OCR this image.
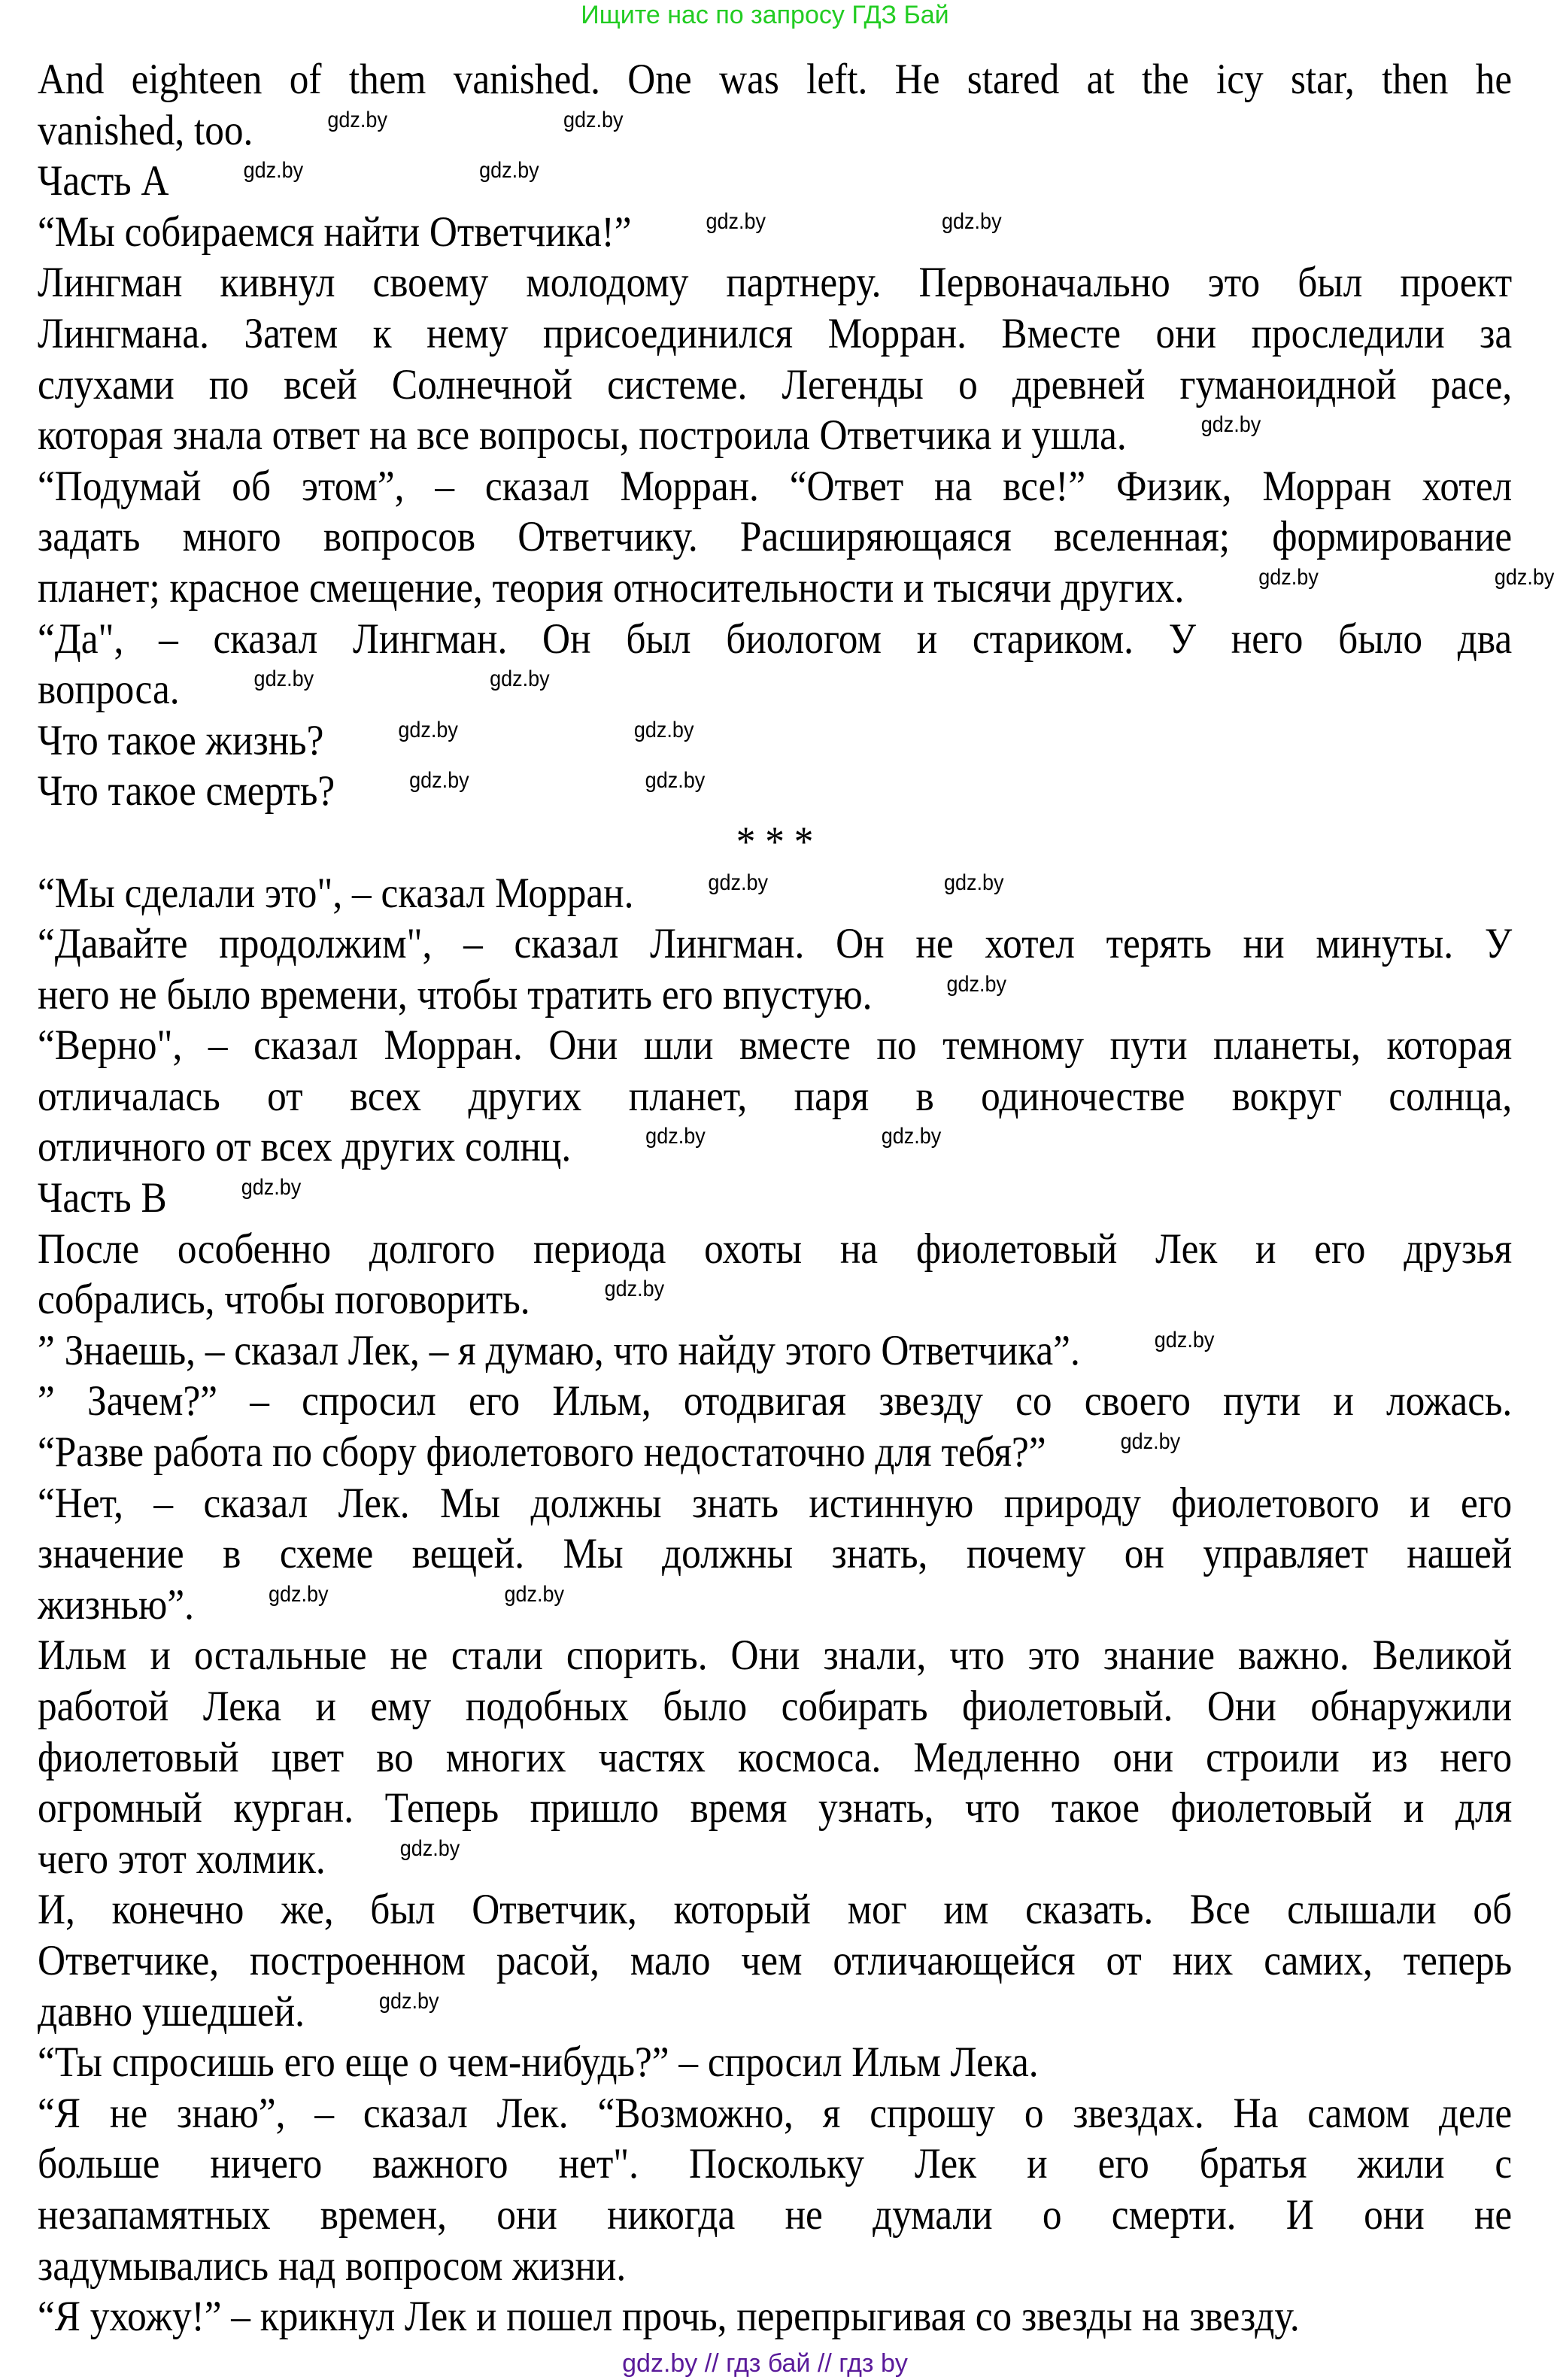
Ищите нас по запросу ГДЗ Бай
And eighteen of them vanished. One was left. He stared at the icy star, then he
vanished, too.	gdz.by	gdz.by
Часть А	gdz.by	gdz.by
“Мы собираемся найти Ответчика!”	gdz.by	gdz.by
Лингман кивнул своему молодому партнеру. Первоначально это был проект
Лингмана. Затем к нему присоединился Морран. Вместе они проследили за
слухами по всей Солнечной системе. Легенды о древней гуманоидной расе,
которая знала ответ на все вопросы, построила Ответчика и ушла.	gdz.by
“Подумай об этом”, – сказал Морран. “Ответ на все!” Физик, Морран хотел
задать много вопросов Ответчику. Расширяющаяся вселенная; формирование
планет; красное смещение, теория относительности и тысячи других.	gdz.by	gdz.by
“Да", – сказал Лингман. Он был биологом и стариком. У него было два
вопроса.	gdz.by	gdz.by
Что такое жизнь?	gdz.by	gdz.by
Что такое смерть?	gdz.by	gdz.by
* * *
“Мы сделали это", – сказал Морран.	gdz.by	gdz.by
“Давайте продолжим", – сказал Лингман. Он не хотел терять ни минуты. У
него не было времени, чтобы тратить его впустую.	gdz.by
“Верно", – сказал Морран. Они шли вместе по темному пути планеты, которая
отличалась от всех других планет, паря в одиночестве вокруг солнца,
отличного от всех других солнц.	gdz.by	gdz.by
Часть В	gdz.by
После особенно долгого периода охоты на фиолетовый Лек и его друзья
собрались, чтобы поговорить.	gdz.by
” Знаешь, – сказал Лек, – я думаю, что найду этого Ответчика”.	gdz.by
” Зачем?” – спросил его Ильм, отодвигая звезду со своего пути и ложась.
“Разве работа по сбору фиолетового недостаточно для тебя?”	gdz.by
“Нет, – сказал Лек. Мы должны знать истинную природу фиолетового и его
значение в схеме вещей. Мы должны знать, почему он управляет нашей
жизнью”.	gdz.by	gdz.by
Ильм и остальные не стали спорить. Они знали, что это знание важно. Великой
работой Лека и ему подобных было собирать фиолетовый. Они обнаружили
фиолетовый цвет во многих частях космоса. Медленно они строили из него
огромный курган. Теперь пришло время узнать, что такое фиолетовый и для
чего этот холмик.	gdz.by
И, конечно же, был Ответчик, который мог им сказать. Все слышали об
Ответчике, построенном расой, мало чем отличающейся от них самих, теперь
давно ушедшей.	gdz.by
“Ты спросишь его еще о чем-нибудь?” – спросил Ильм Лека.
“Я не знаю”, – сказал Лек. “Возможно, я спрошу о звездах. На самом деле
больше ничего важного нет". Поскольку Лек и его братья жили с
незапамятных времен, они никогда не думали о смерти. И они не
задумывались над вопросом жизни.
“Я ухожу!” – крикнул Лек и пошел прочь, перепрыгивая со звезды на звезду.
gdz.by // гдз бай // гдз by
